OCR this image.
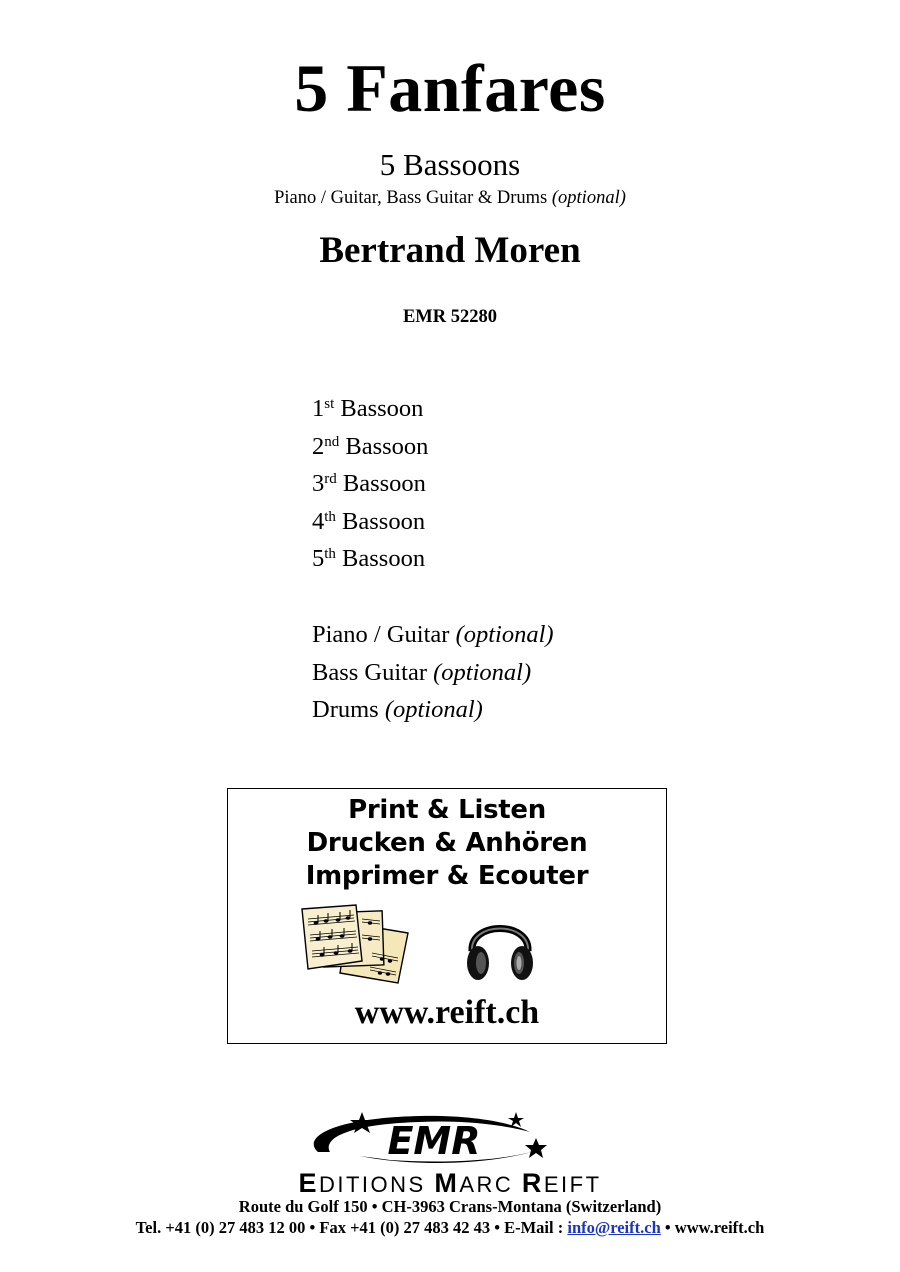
5 Fanfares
5 Bassoons
Piano / Guitar, Bass Guitar & Drums (optional)
Bertrand Moren
EMR 52280
1st Bassoon
2nd Bassoon
3rd Bassoon
4th Bassoon
5th Bassoon
Piano / Guitar (optional)
Bass Guitar (optional)
Drums (optional)
Print & Listen
Drucken & Anhören
Imprimer & Ecouter
www.reift.ch
EMR
EDITIONS MARC REIFT
Route du Golf 150 • CH-3963 Crans-Montana (Switzerland)
Tel. +41 (0) 27 483 12 00 • Fax +41 (0) 27 483 42 43 • E-Mail : info@reift.ch • www.reift.ch
